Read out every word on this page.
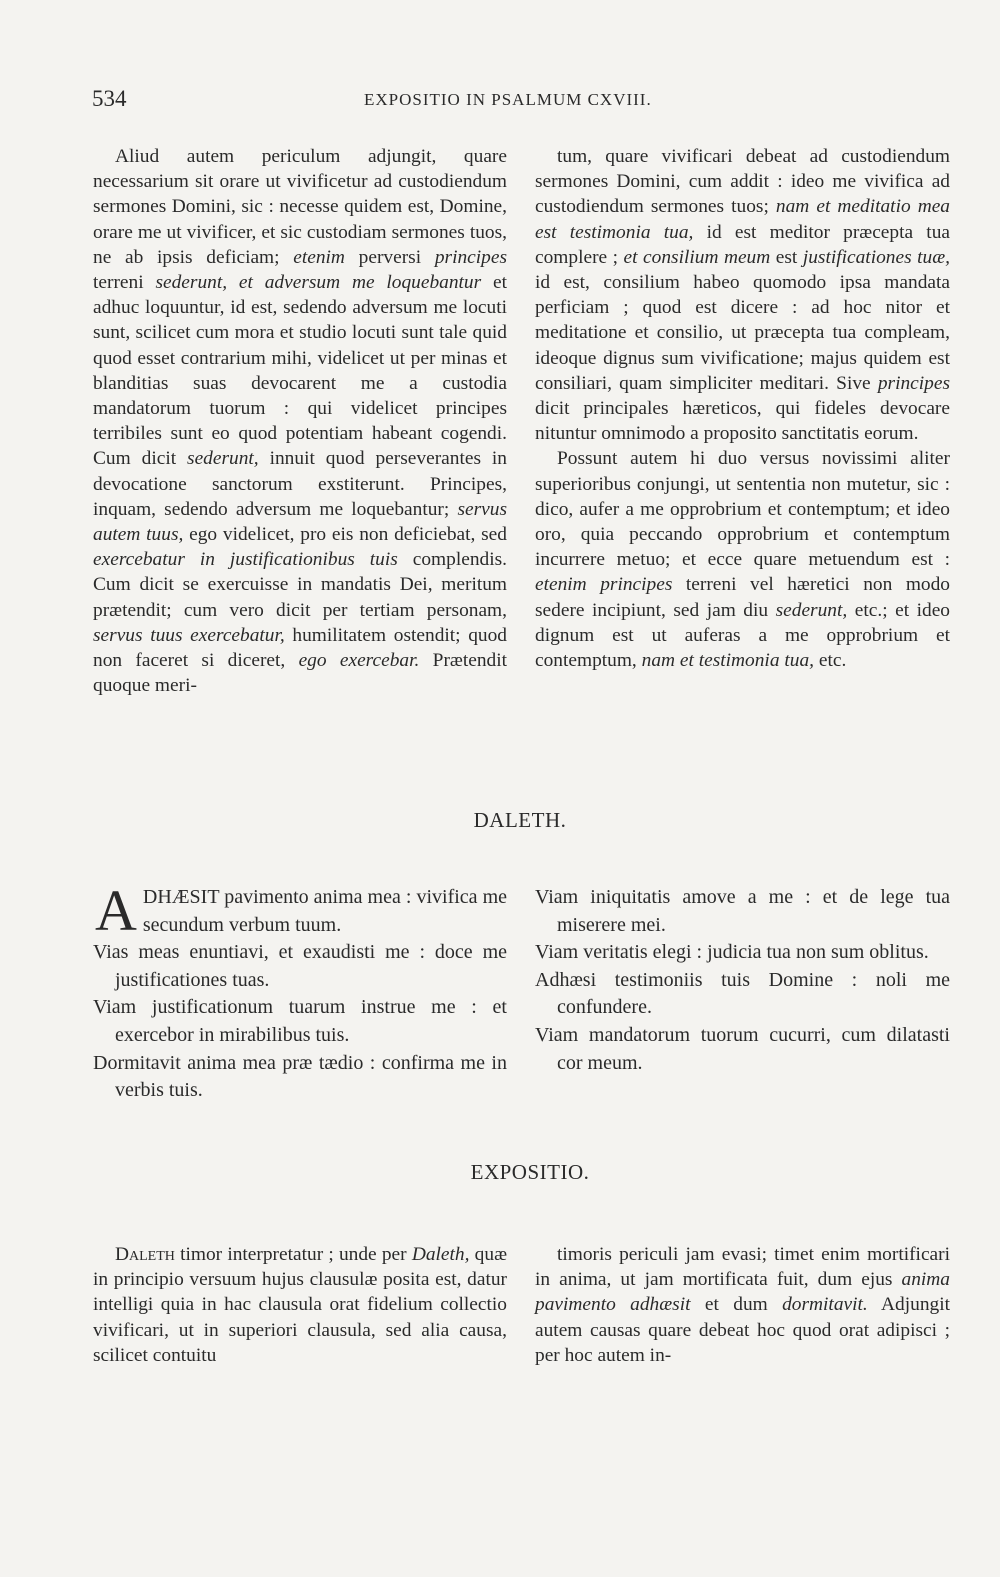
534	EXPOSITIO IN PSALMUM CXVIII.

Aliud autem periculum adjungit, quare necessarium sit orare ut vivificetur ad custodiendum sermones Domini, sic : necesse quidem est, Domine, orare me ut vivificer, et sic custodiam sermones tuos, ne ab ipsis deficiam; etenim perversi principes terreni sederunt, et adversum me loquebantur et adhuc loquuntur, id est, sedendo adversum me locuti sunt, scilicet cum mora et studio locuti sunt tale quid quod esset contrarium mihi, videlicet ut per minas et blanditias suas devocarent me a custodia mandatorum tuorum : qui videlicet principes terribiles sunt eo quod potentiam habeant cogendi. Cum dicit sederunt, innuit quod perseverantes in devocatione sanctorum exstiterunt. Principes, inquam, sedendo adversum me loquebantur; servus autem tuus, ego videlicet, pro eis non deficiebat, sed exercebatur in justificationibus tuis complendis. Cum dicit se exercuisse in mandatis Dei, meritum prætendit; cum vero dicit per tertiam personam, servus tuus exercebatur, humilitatem ostendit; quod non faceret si diceret, ego exercebar. Prætendit quoque meri-

tum, quare vivificari debeat ad custodiendum sermones Domini, cum addit : ideo me vivifica ad custodiendum sermones tuos; nam et meditatio mea est testimonia tua, id est meditor præcepta tua complere ; et consilium meum est justificationes tuæ, id est, consilium habeo quomodo ipsa mandata perficiam ; quod est dicere : ad hoc nitor et meditatione et consilio, ut præcepta tua compleam, ideoque dignus sum vivificatione; majus quidem est consiliari, quam simpliciter meditari. Sive principes dicit principales hæreticos, qui fideles devocare nituntur omnimodo a proposito sanctitatis eorum.

Possunt autem hi duo versus novissimi aliter superioribus conjungi, ut sententia non mutetur, sic : dico, aufer a me opprobrium et contemptum; et ideo oro, quia peccando opprobrium et contemptum incurrere metuo; et ecce quare metuendum est : etenim principes terreni vel hæretici non modo sedere incipiunt, sed jam diu sederunt, etc.; et ideo dignum est ut auferas a me opprobrium et contemptum, nam et testimonia tua, etc.

DALETH.

ADHÆSIT pavimento anima mea : vivifica me secundum verbum tuum.

Vias meas enuntiavi, et exaudisti me : doce me justificationes tuas.

Viam justificationum tuarum instrue me : et exercebor in mirabilibus tuis.

Dormitavit anima mea præ tædio : confirma me in verbis tuis.

Viam iniquitatis amove a me : et de lege tua miserere mei.

Viam veritatis elegi : judicia tua non sum oblitus.

Adhæsi testimoniis tuis Domine : noli me confundere.

Viam mandatorum tuorum cucurri, cum dilatasti cor meum.

EXPOSITIO.

Daleth timor interpretatur ; unde per Daleth, quæ in principio versuum hujus clausulæ posita est, datur intelligi quia in hac clausula orat fidelium collectio vivificari, ut in superiori clausula, sed alia causa, scilicet contuitu

timoris periculi jam evasi; timet enim mortificari in anima, ut jam mortificata fuit, dum ejus anima pavimento adhæsit et dum dormitavit. Adjungit autem causas quare debeat hoc quod orat adipisci ; per hoc autem in-
